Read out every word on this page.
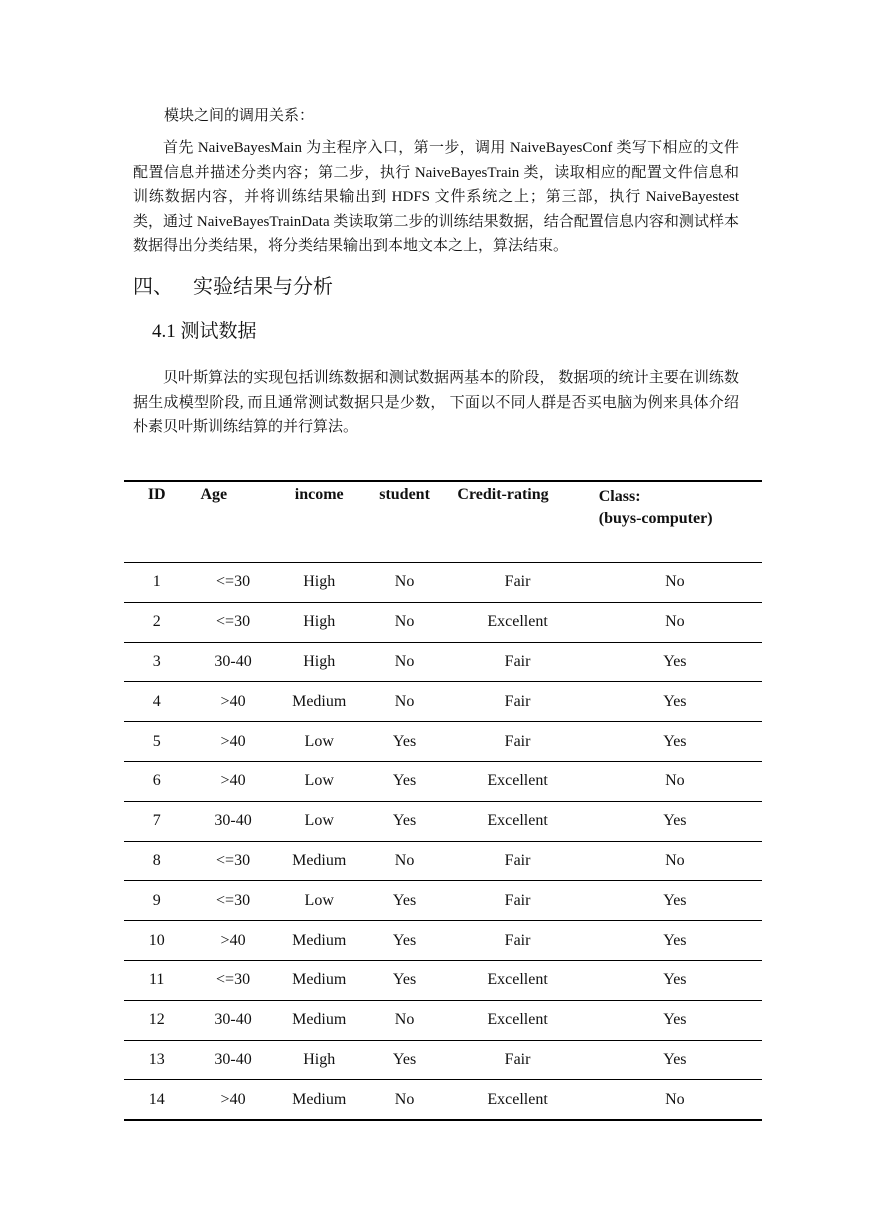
模块之间的调用关系：
首先 NaiveBayesMain 为主程序入口，第一步，调用 NaiveBayesConf 类写下相应的文件配置信息并描述分类内容；第二步，执行 NaiveBayesTrain 类，读取相应的配置文件信息和训练数据内容，并将训练结果输出到 HDFS 文件系统之上；第三部，执行 NaiveBayestest 类，通过 NaiveBayesTrainData 类读取第二步的训练结果数据，结合配置信息内容和测试样本数据得出分类结果，将分类结果输出到本地文本之上，算法结束。
四、 实验结果与分析
4.1 测试数据
贝叶斯算法的实现包括训练数据和测试数据两基本的阶段， 数据项的统计主要在训练数据生成模型阶段, 而且通常测试数据只是少数， 下面以不同人群是否买电脑为例来具体介绍朴素贝叶斯训练结算的并行算法。
ID	Age	income	student	Credit-rating	Class:
(buys-computer)

1	<=30	High	No	Fair	No
2	<=30	High	No	Excellent	No
3	30-40	High	No	Fair	Yes
4	>40	Medium	No	Fair	Yes
5	>40	Low	Yes	Fair	Yes
6	>40	Low	Yes	Excellent	No
7	30-40	Low	Yes	Excellent	Yes
8	<=30	Medium	No	Fair	No
9	<=30	Low	Yes	Fair	Yes
10	>40	Medium	Yes	Fair	Yes
11	<=30	Medium	Yes	Excellent	Yes
12	30-40	Medium	No	Excellent	Yes
13	30-40	High	Yes	Fair	Yes
14	>40	Medium	No	Excellent	No
